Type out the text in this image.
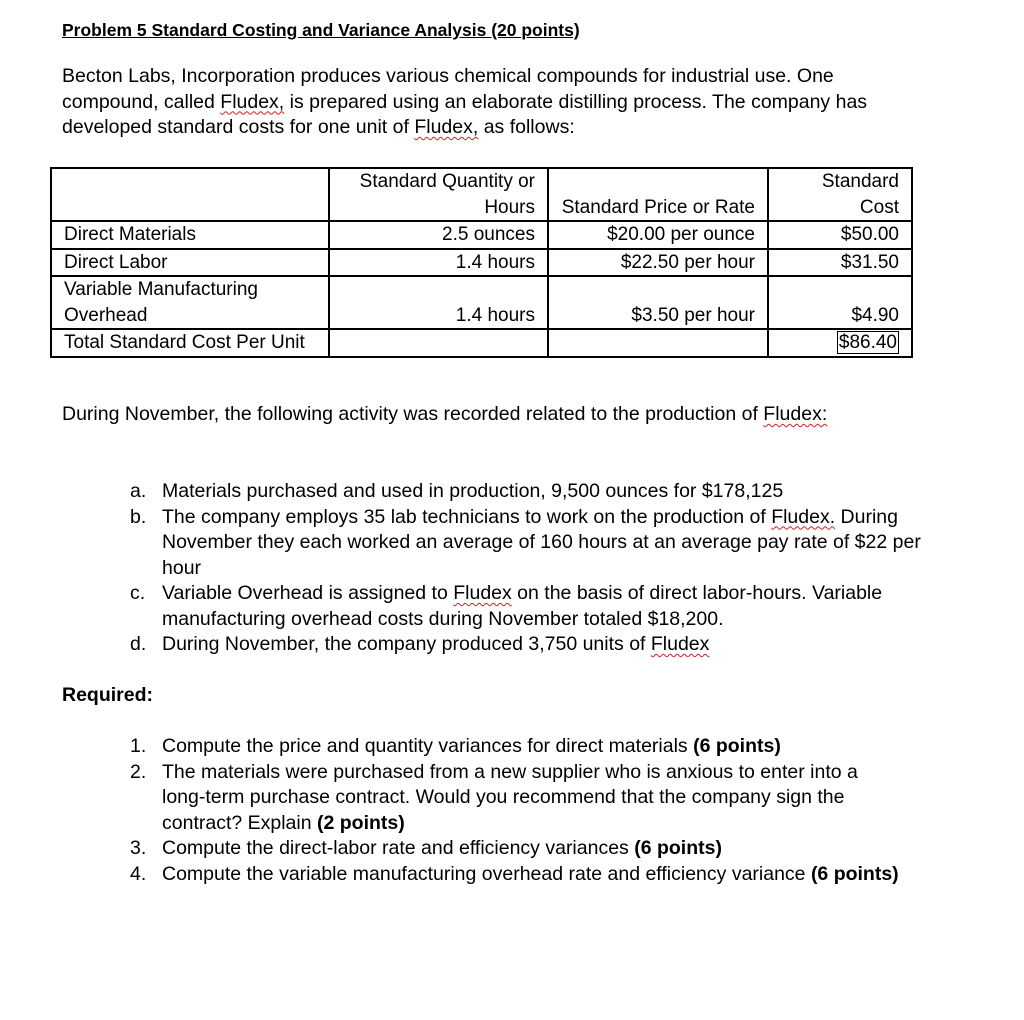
Problem 5 Standard Costing and Variance Analysis (20 points)
Becton Labs, Incorporation produces various chemical compounds for industrial use. One compound, called Fludex, is prepared using an elaborate distilling process. The company has developed standard costs for one unit of Fludex, as follows:
	Standard Quantity or Hours	Standard Price or Rate	Standard Cost
Direct Materials	2.5 ounces	$20.00 per ounce	$50.00
Direct Labor	1.4 hours	$22.50 per hour	$31.50
Variable Manufacturing Overhead	1.4 hours	$3.50 per hour	$4.90
Total Standard Cost Per Unit			$86.40
During November, the following activity was recorded related to the production of Fludex:
a. Materials purchased and used in production, 9,500 ounces for $178,125
b. The company employs 35 lab technicians to work on the production of Fludex. During November they each worked an average of 160 hours at an average pay rate of $22 per hour
c. Variable Overhead is assigned to Fludex on the basis of direct labor-hours. Variable manufacturing overhead costs during November totaled $18,200.
d. During November, the company produced 3,750 units of Fludex
Required:
1. Compute the price and quantity variances for direct materials (6 points)
2. The materials were purchased from a new supplier who is anxious to enter into a long-term purchase contract. Would you recommend that the company sign the contract? Explain (2 points)
3. Compute the direct-labor rate and efficiency variances (6 points)
4. Compute the variable manufacturing overhead rate and efficiency variance (6 points)
